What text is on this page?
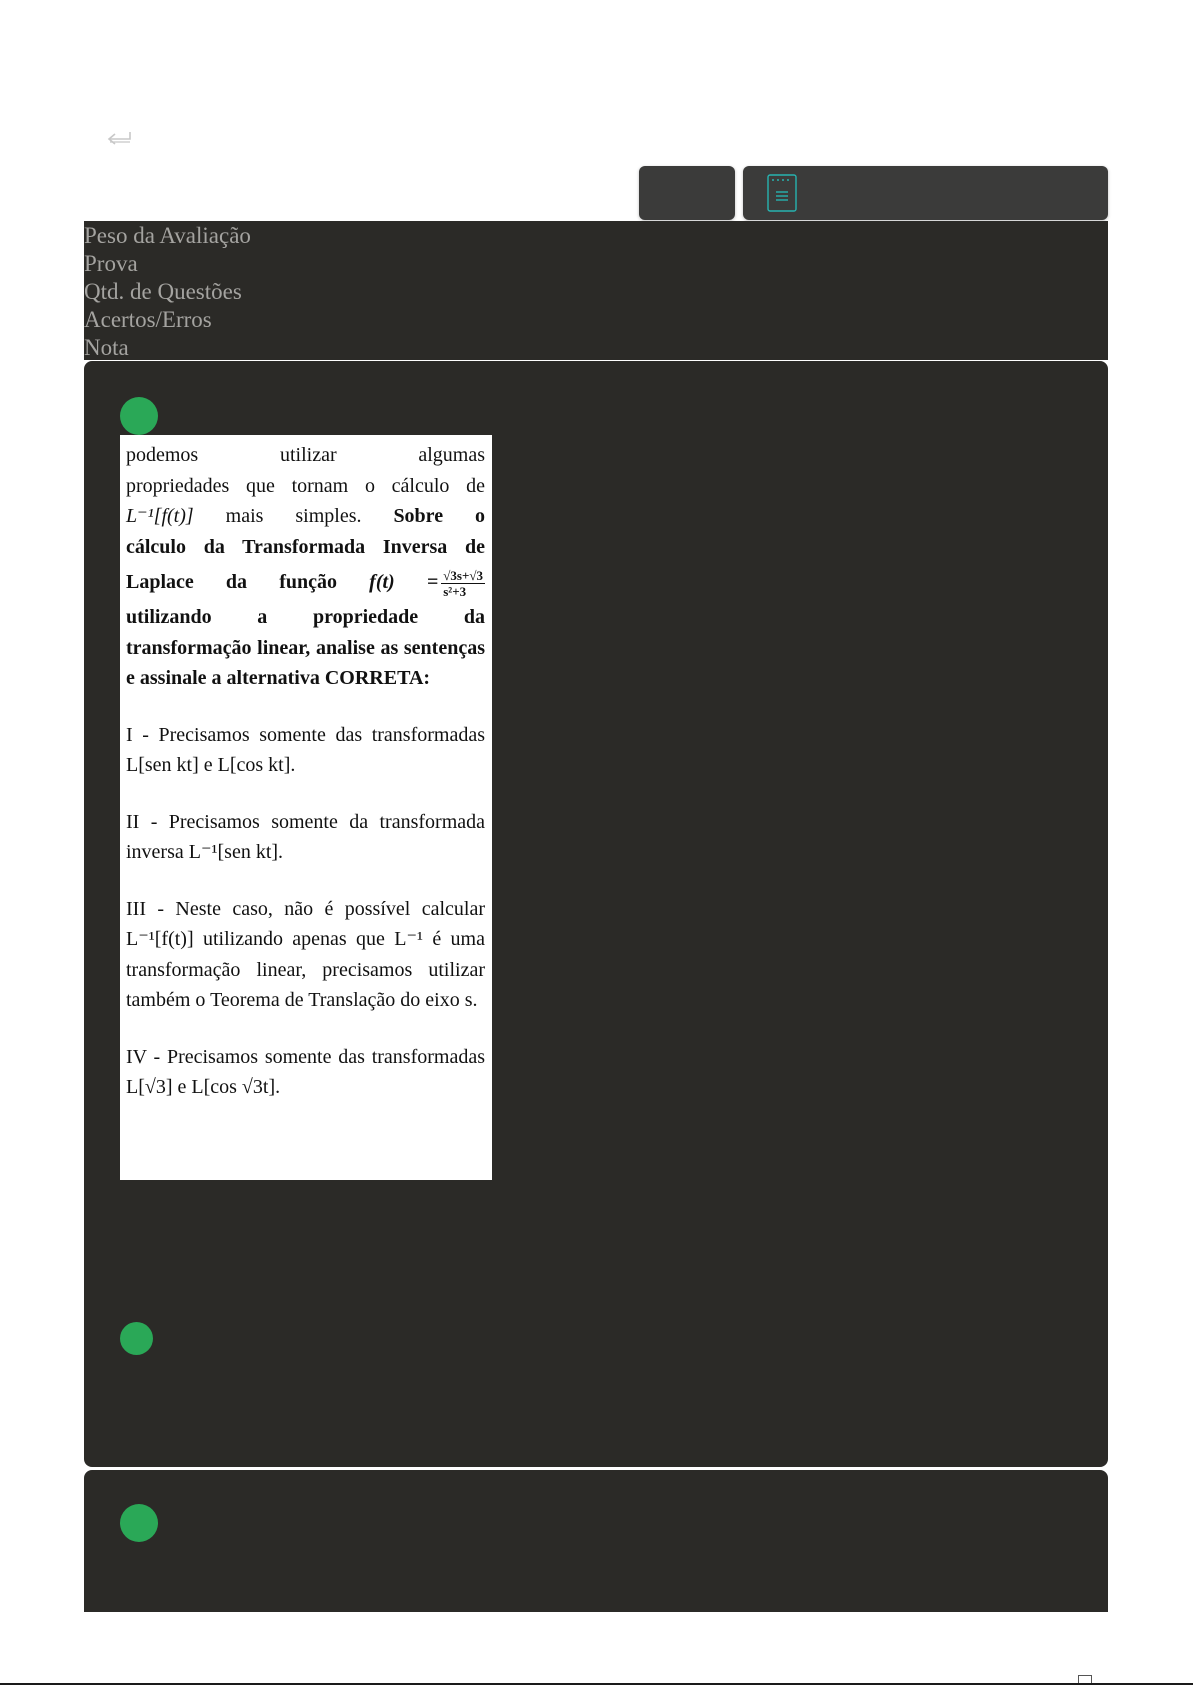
Peso da Avaliação
Prova
Qtd. de Questões
Acertos/Erros
Nota

podemos	utilizar	algumas

propriedades que tornam o cálculo de

L⁻¹[f(t)] mais simples. Sobre o

cálculo da Transformada Inversa de

Laplace da função $f(t) = \frac{√3s+√3}{\text{s²+3}}$

utilizando a propriedade da transformação linear, analise as sentenças e assinale a alternativa CORRETA:

I - Precisamos somente das transformadas L[sen kt] e L[cos kt].

II - Precisamos somente da transformada inversa L⁻¹[sen kt].

III - Neste caso, não é possível calcular L⁻¹[f(t)] utilizando apenas que L⁻¹ é uma transformação linear, precisamos utilizar também o Teorema de Translação do eixo s.

IV - Precisamos somente das transformadas L[√3] e L[cos √3t].
